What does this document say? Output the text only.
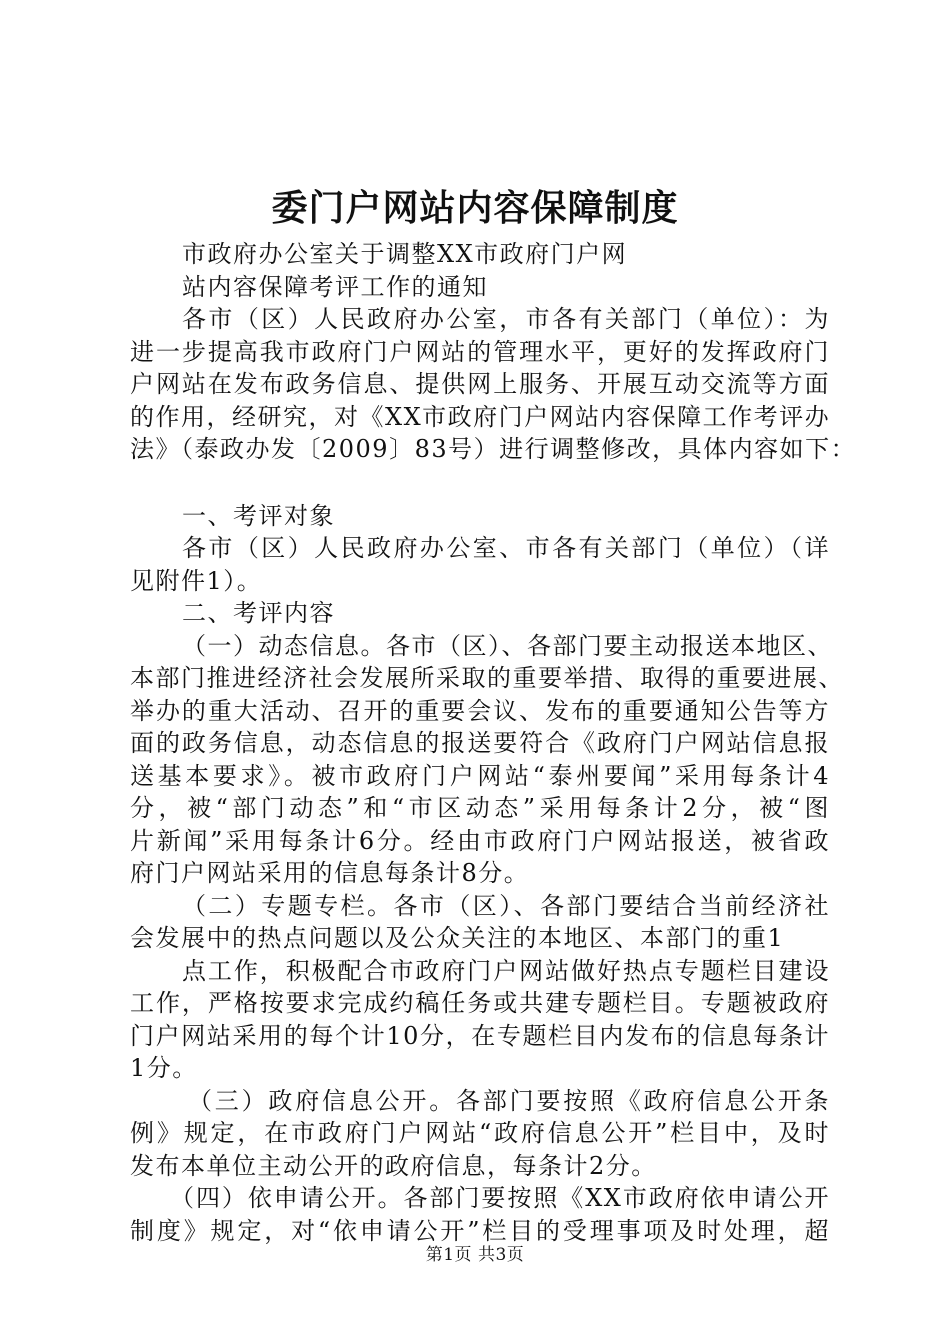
委门户网站内容保障制度
市政府办公室关于调整XX市政府门户网
站内容保障考评工作的通知
各市（区）人民政府办公室，市各有关部门（单位）：为
进一步提高我市政府门户网站的管理水平，更好的发挥政府门
户网站在发布政务信息、提供网上服务、开展互动交流等方面
的作用，经研究，对《XX市政府门户网站内容保障工作考评办
法》（泰政办发〔2009〕83号）进行调整修改，具体内容如下：
一、考评对象
各市（区）人民政府办公室、市各有关部门（单位）（详
见附件1）。
二、考评内容
（一）动态信息。各市（区）、各部门要主动报送本地区、
本部门推进经济社会发展所采取的重要举措、取得的重要进展、
举办的重大活动、召开的重要会议、发布的重要通知公告等方
面的政务信息，动态信息的报送要符合《政府门户网站信息报
送基本要求》。被市政府门户网站“泰州要闻”采用每条计4
分，被“部门动态”和“市区动态”采用每条计2分，被“图
片新闻”采用每条计6分。经由市政府门户网站报送，被省政
府门户网站采用的信息每条计8分。
（二）专题专栏。各市（区）、各部门要结合当前经济社
会发展中的热点问题以及公众关注的本地区、本部门的重1
点工作，积极配合市政府门户网站做好热点专题栏目建设
工作，严格按要求完成约稿任务或共建专题栏目。专题被政府
门户网站采用的每个计10分，在专题栏目内发布的信息每条计
1分。
（三）政府信息公开。各部门要按照《政府信息公开条
例》规定，在市政府门户网站“政府信息公开”栏目中，及时
发布本单位主动公开的政府信息，每条计2分。
（四）依申请公开。各部门要按照《XX市政府依申请公开
制度》规定，对“依申请公开”栏目的受理事项及时处理，超
第1页 共3页
